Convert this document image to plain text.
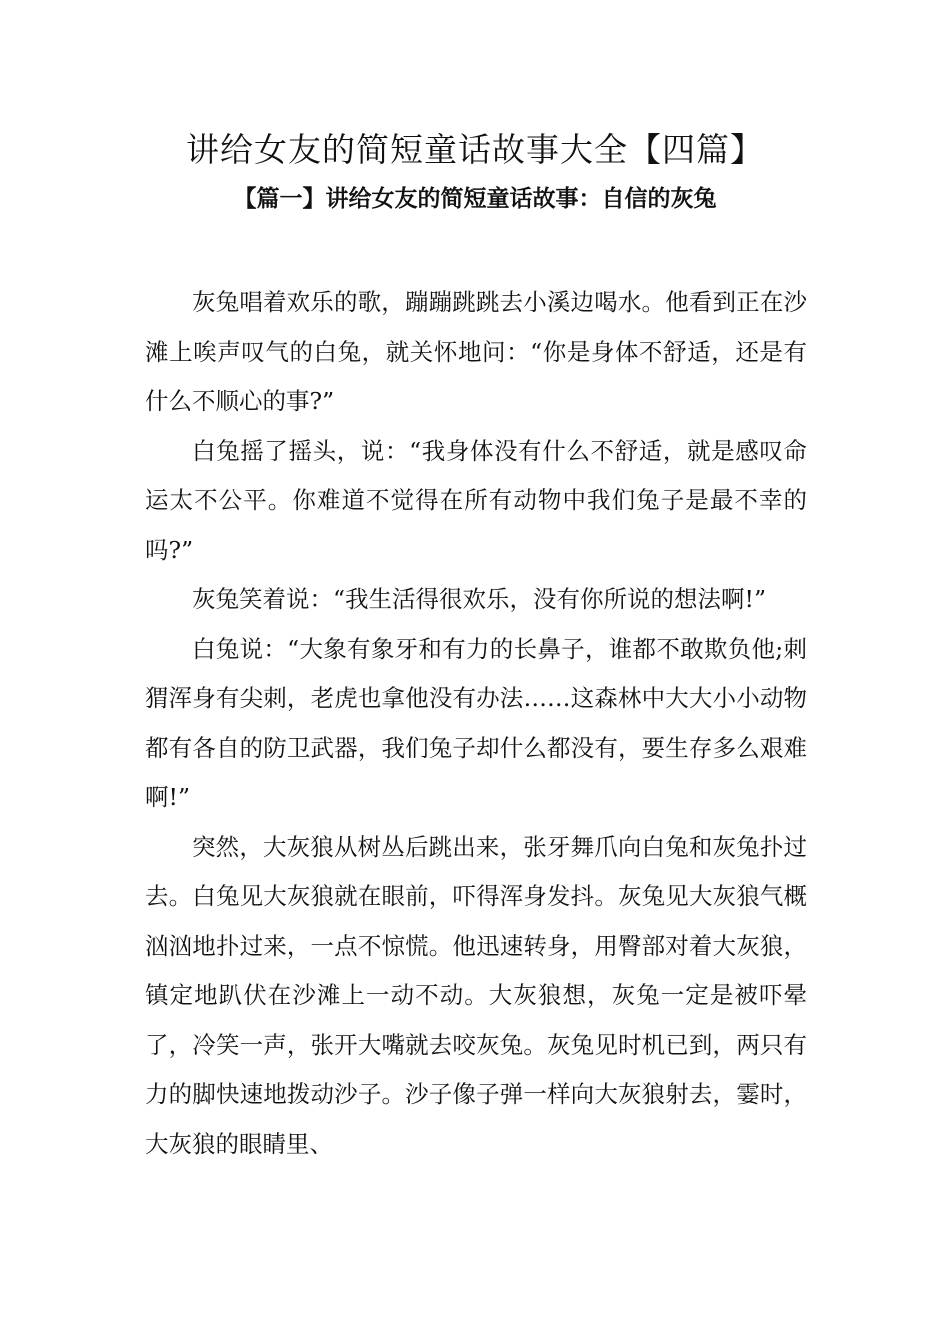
讲给女友的简短童话故事大全【四篇】
【篇一】讲给女友的简短童话故事：自信的灰兔

灰兔唱着欢乐的歌，蹦蹦跳跳去小溪边喝水。他看到正在沙滩上唉声叹气的白兔，就关怀地问：“你是身体不舒适，还是有什么不顺心的事?”

白兔摇了摇头，说：“我身体没有什么不舒适，就是感叹命运太不公平。你难道不觉得在所有动物中我们兔子是最不幸的吗?”

灰兔笑着说：“我生活得很欢乐，没有你所说的想法啊!”

白兔说：“大象有象牙和有力的长鼻子，谁都不敢欺负他;刺猬浑身有尖刺，老虎也拿他没有办法……这森林中大大小小动物都有各自的防卫武器，我们兔子却什么都没有，要生存多么艰难啊!”

突然，大灰狼从树丛后跳出来，张牙舞爪向白兔和灰兔扑过去。白兔见大灰狼就在眼前，吓得浑身发抖。灰兔见大灰狼气概汹汹地扑过来，一点不惊慌。他迅速转身，用臀部对着大灰狼，镇定地趴伏在沙滩上一动不动。大灰狼想，灰兔一定是被吓晕了，冷笑一声，张开大嘴就去咬灰兔。灰兔见时机已到，两只有力的脚快速地拨动沙子。沙子像子弹一样向大灰狼射去，霎时，大灰狼的眼睛里、
